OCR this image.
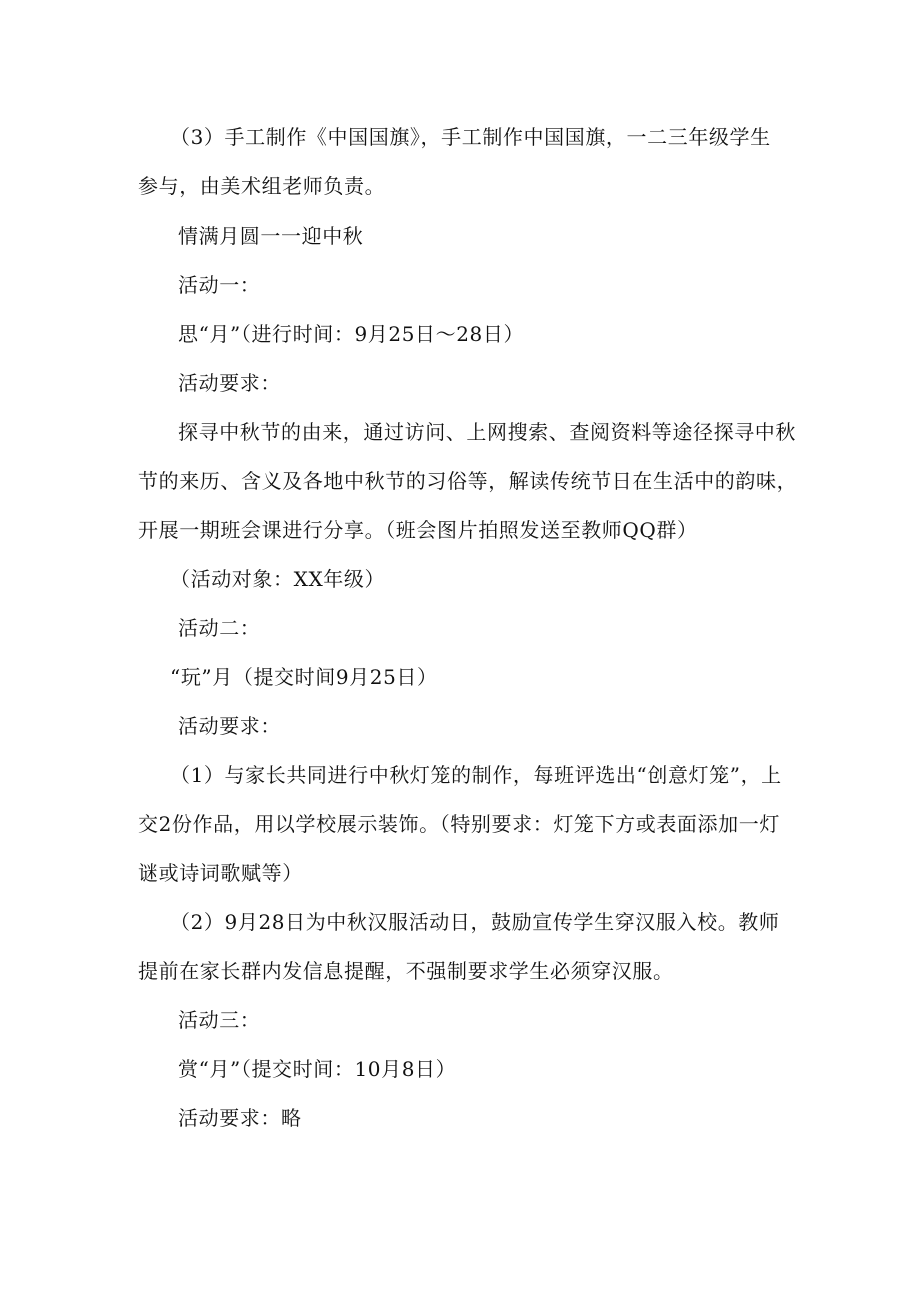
（3）手工制作《中国国旗》，手工制作中国国旗，一二三年级学生
参与，由美术组老师负责。
情满月圆一一迎中秋
活动一：
思“月”（进行时间：9月25日～28日）
活动要求：
探寻中秋节的由来，通过访问、上网搜索、查阅资料等途径探寻中秋
节的来历、含义及各地中秋节的习俗等，解读传统节日在生活中的韵味，
开展一期班会课进行分享。（班会图片拍照发送至教师QQ群）
（活动对象：XX年级）
活动二：
“玩”月（提交时间9月25日）
活动要求：
（1）与家长共同进行中秋灯笼的制作，每班评选出“创意灯笼”，上
交2份作品，用以学校展示装饰。（特别要求：灯笼下方或表面添加一灯
谜或诗词歌赋等）
（2）9月28日为中秋汉服活动日，鼓励宣传学生穿汉服入校。教师
提前在家长群内发信息提醒，不强制要求学生必须穿汉服。
活动三：
赏“月”（提交时间：10月8日）
活动要求：略
